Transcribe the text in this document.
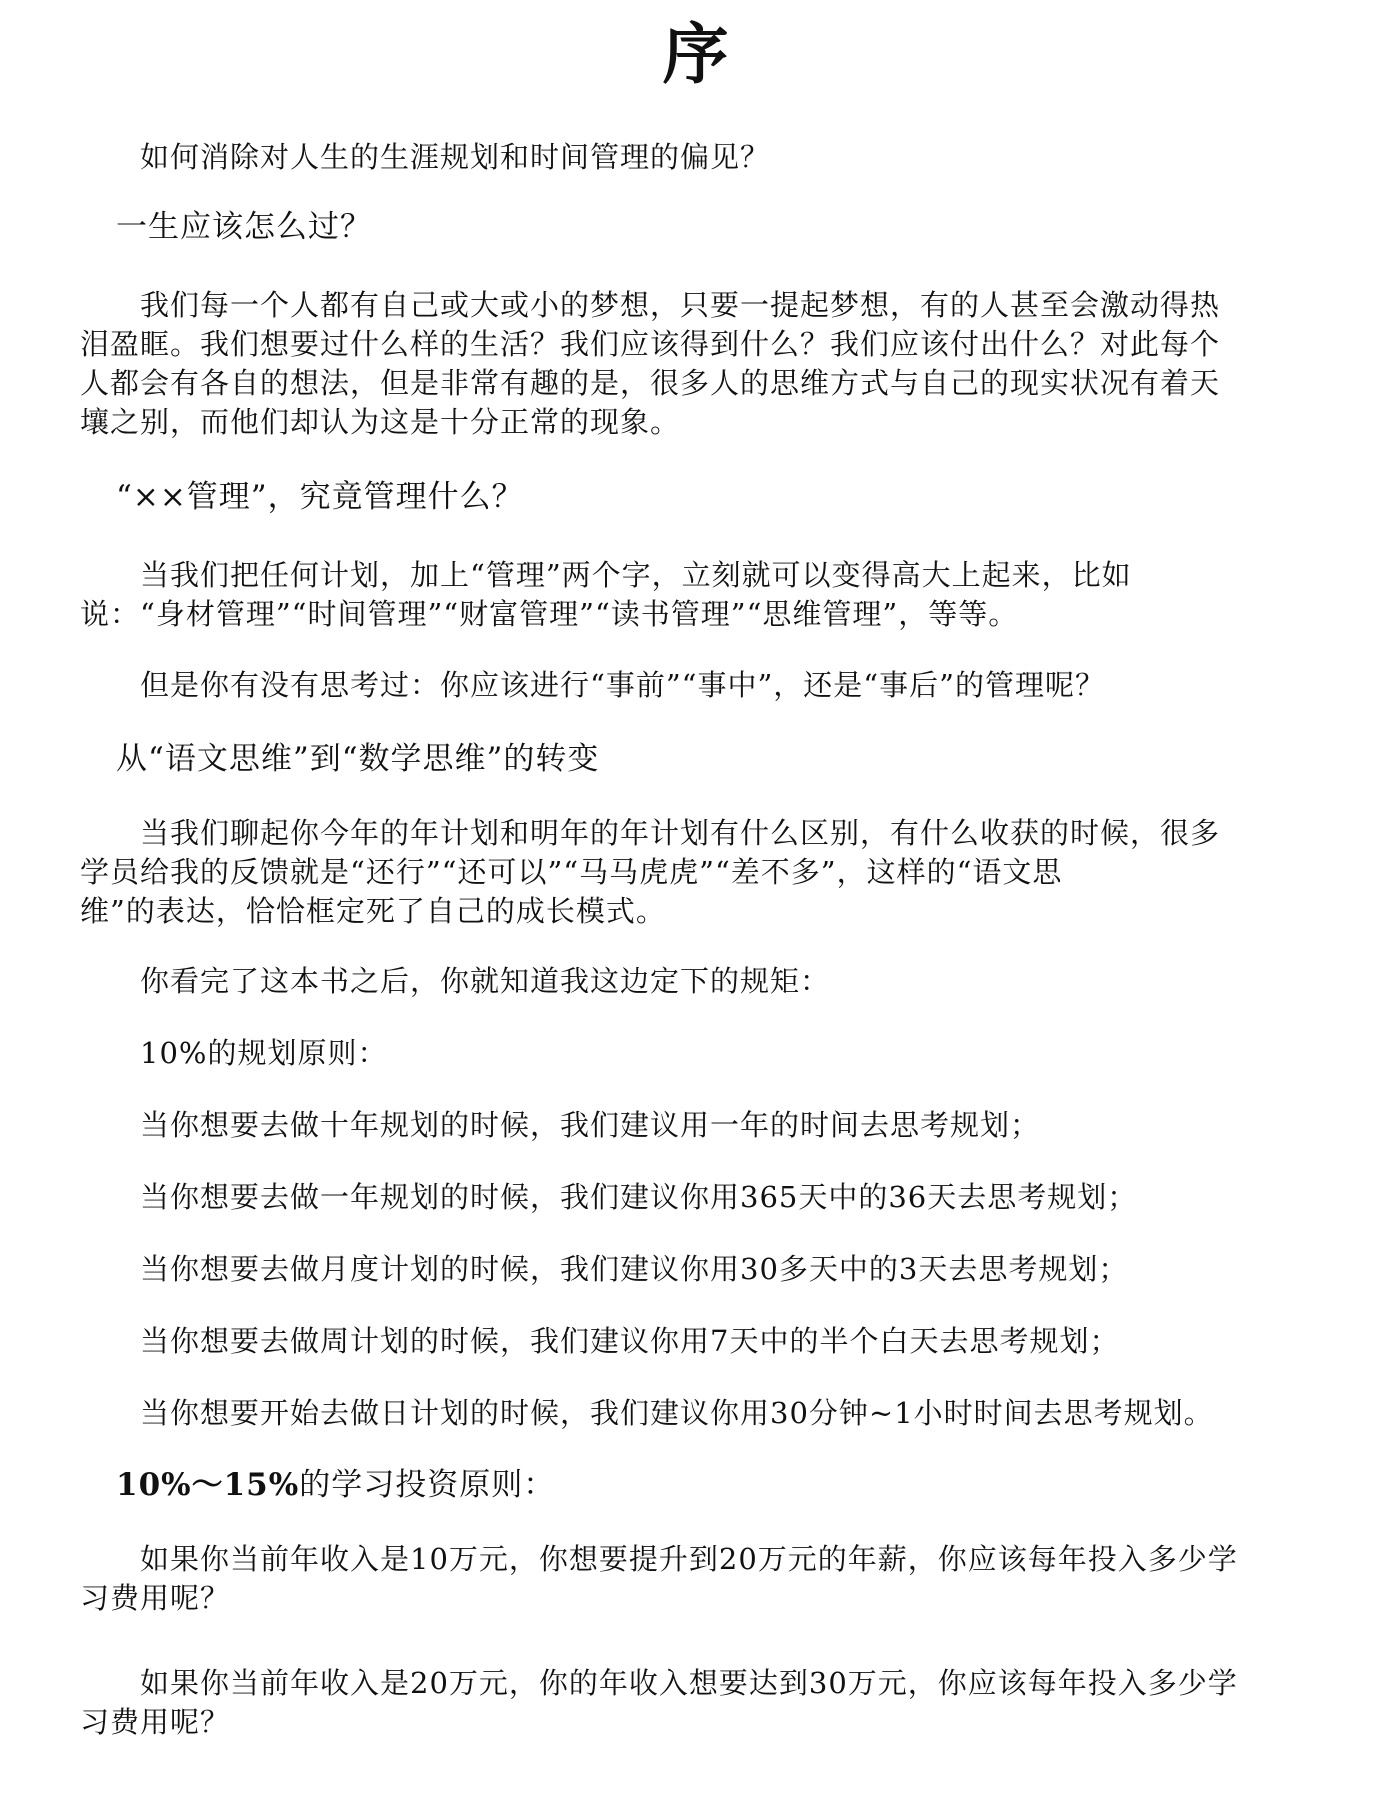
序

如何消除对人生的生涯规划和时间管理的偏见？

一生应该怎么过？

我们每一个人都有自己或大或小的梦想，只要一提起梦想，有的人甚至会激动得热
泪盈眶。我们想要过什么样的生活？我们应该得到什么？我们应该付出什么？对此每个
人都会有各自的想法，但是非常有趣的是，很多人的思维方式与自己的现实状况有着天
壤之别，而他们却认为这是十分正常的现象。

“××管理”，究竟管理什么？

当我们把任何计划，加上“管理”两个字，立刻就可以变得高大上起来，比如
说：“身材管理”“时间管理”“财富管理”“读书管理”“思维管理”，等等。

但是你有没有思考过：你应该进行“事前”“事中”，还是“事后”的管理呢？

从“语文思维”到“数学思维”的转变

当我们聊起你今年的年计划和明年的年计划有什么区别，有什么收获的时候，很多
学员给我的反馈就是“还行”“还可以”“马马虎虎”“差不多”，这样的“语文思
维”的表达，恰恰框定死了自己的成长模式。

你看完了这本书之后，你就知道我这边定下的规矩：

10%的规划原则：

当你想要去做十年规划的时候，我们建议用一年的时间去思考规划；

当你想要去做一年规划的时候，我们建议你用365天中的36天去思考规划；

当你想要去做月度计划的时候，我们建议你用30多天中的3天去思考规划；

当你想要去做周计划的时候，我们建议你用7天中的半个白天去思考规划；

当你想要开始去做日计划的时候，我们建议你用30分钟~1小时时间去思考规划。

10%～15%的学习投资原则：

如果你当前年收入是10万元，你想要提升到20万元的年薪，你应该每年投入多少学
习费用呢？
如果你当前年收入是20万元，你的年收入想要达到30万元，你应该每年投入多少学
习费用呢？
